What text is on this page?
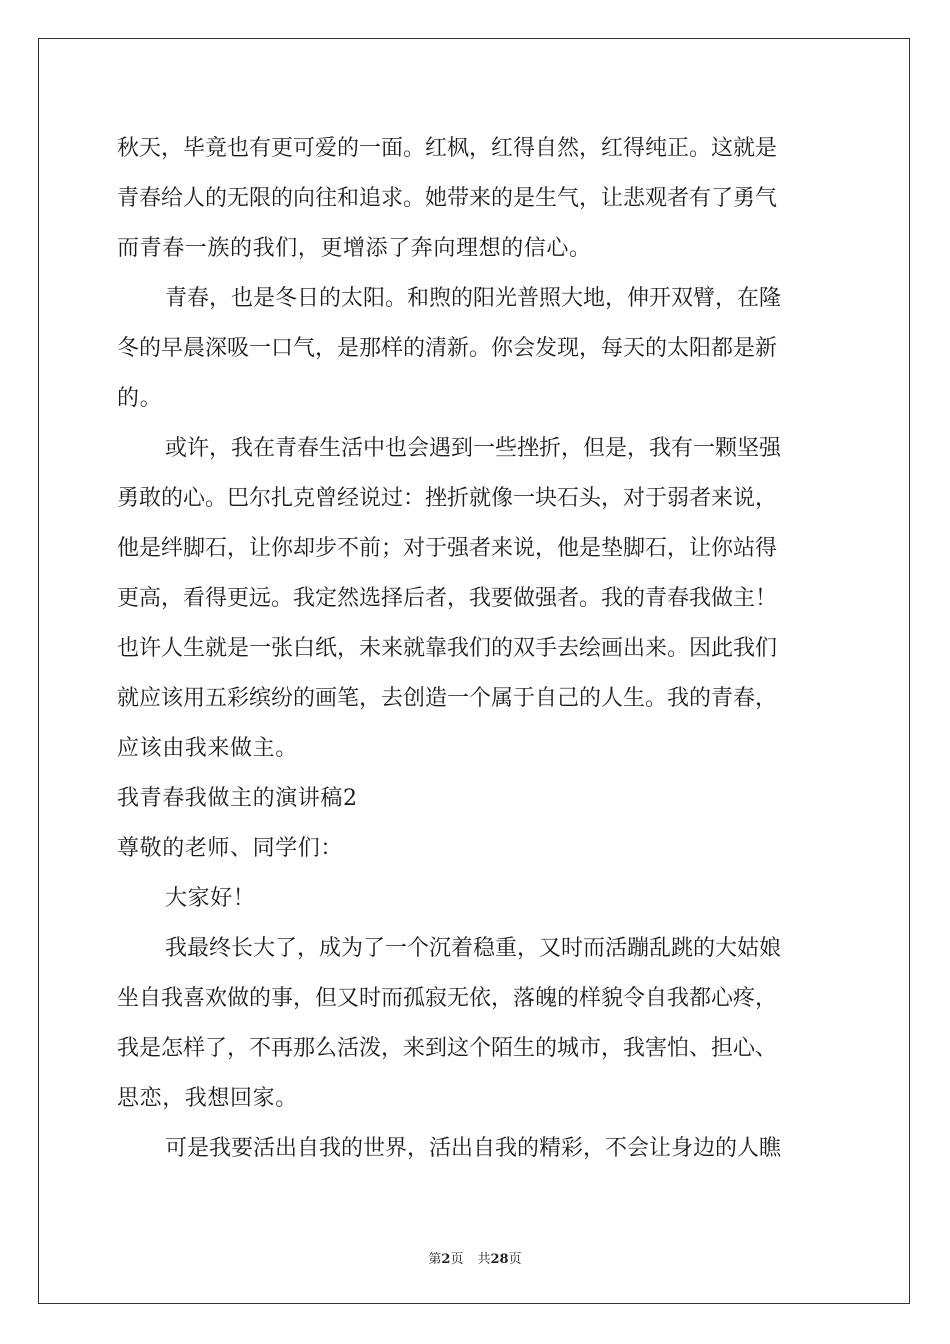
秋天，毕竟也有更可爱的一面。红枫，红得自然，红得纯正。这就是
青春给人的无限的向往和追求。她带来的是生气，让悲观者有了勇气
而青春一族的我们，更增添了奔向理想的信心。
青春，也是冬日的太阳。和煦的阳光普照大地，伸开双臂，在隆
冬的早晨深吸一口气，是那样的清新。你会发现，每天的太阳都是新
的。
或许，我在青春生活中也会遇到一些挫折，但是，我有一颗坚强
勇敢的心。巴尔扎克曾经说过：挫折就像一块石头，对于弱者来说，
他是绊脚石，让你却步不前；对于强者来说，他是垫脚石，让你站得
更高，看得更远。我定然选择后者，我要做强者。我的青春我做主！
也许人生就是一张白纸，未来就靠我们的双手去绘画出来。因此我们
就应该用五彩缤纷的画笔，去创造一个属于自己的人生。我的青春，
应该由我来做主。
我青春我做主的演讲稿2
尊敬的老师、同学们：
大家好！
我最终长大了，成为了一个沉着稳重，又时而活蹦乱跳的大姑娘
坐自我喜欢做的事，但又时而孤寂无依，落魄的样貌令自我都心疼，
我是怎样了，不再那么活泼，来到这个陌生的城市，我害怕、担心、
思恋，我想回家。
可是我要活出自我的世界，活出自我的精彩，不会让身边的人瞧
第2页 共28页
